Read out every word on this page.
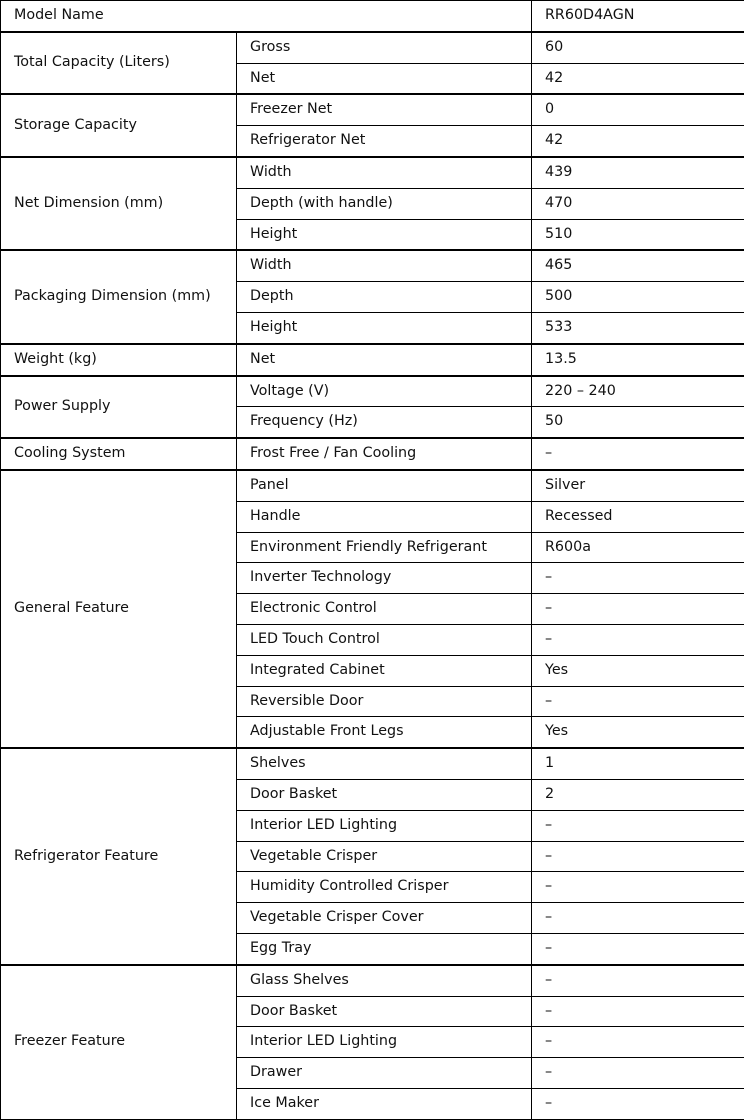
Model Name		RR60D4AGN
Total Capacity (Liters)	Gross	60
	Net	42
Storage Capacity	Freezer Net	0
	Refrigerator Net	42
Net Dimension (mm)	Width	439
	Depth (with handle)	470
	Height	510
Packaging Dimension (mm)	Width	465
	Depth	500
	Height	533
Weight (kg)	Net	13.5
Power Supply	Voltage (V)	220 – 240
	Frequency (Hz)	50
Cooling System	Frost Free / Fan Cooling	–
General Feature	Panel	Silver
	Handle	Recessed
	Environment Friendly Refrigerant	R600a
	Inverter Technology	–
	Electronic Control	–
	LED Touch Control	–
	Integrated Cabinet	Yes
	Reversible Door	–
	Adjustable Front Legs	Yes
Refrigerator Feature	Shelves	1
	Door Basket	2
	Interior LED Lighting	–
	Vegetable Crisper	–
	Humidity Controlled Crisper	–
	Vegetable Crisper Cover	–
	Egg Tray	–
Freezer Feature	Glass Shelves	–
	Door Basket	–
	Interior LED Lighting	–
	Drawer	–
	Ice Maker	–
